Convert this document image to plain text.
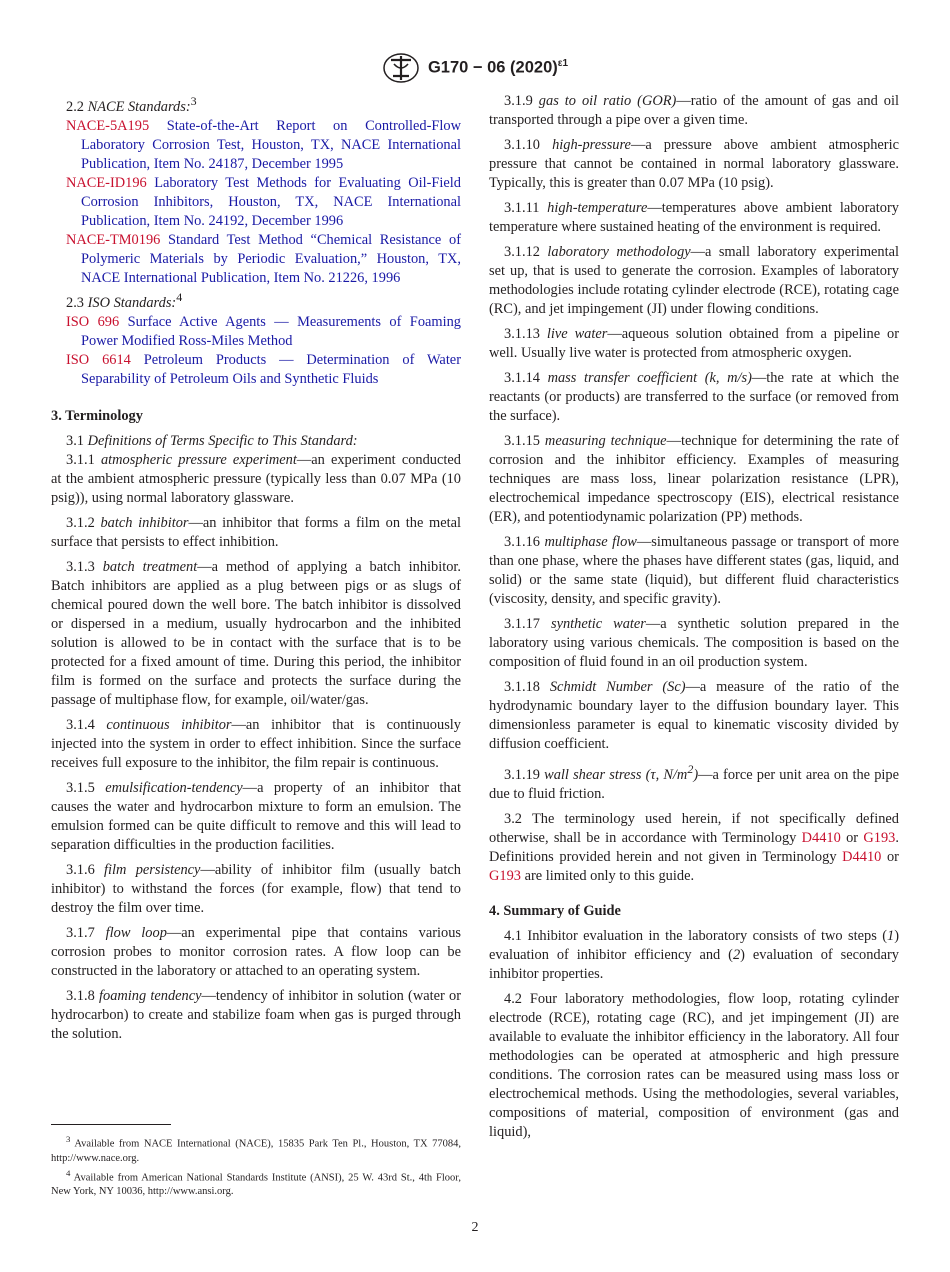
G170 − 06 $(2020)^{\varepsilon 1}$

2.2 NACE Standards:$^3$

NACE-5A195 State-of-the-Art Report on Controlled-Flow Laboratory Corrosion Test, Houston, TX, NACE International Publication, Item No. 24187, December 1995

NACE-ID196 Laboratory Test Methods for Evaluating Oil-Field Corrosion Inhibitors, Houston, TX, NACE International Publication, Item No. 24192, December 1996

NACE-TM0196 Standard Test Method “Chemical Resistance of Polymeric Materials by Periodic Evaluation,” Houston, TX, NACE International Publication, Item No. 21226, 1996

2.3 ISO Standards:$^4$

ISO 696 Surface Active Agents — Measurements of Foaming Power Modified Ross-Miles Method

ISO 6614 Petroleum Products — Determination of Water Separability of Petroleum Oils and Synthetic Fluids

3. Terminology

3.1 Definitions of Terms Specific to This Standard:

3.1.1 atmospheric pressure experiment—an experiment conducted at the ambient atmospheric pressure (typically less than 0.07 MPa (10 psig)), using normal laboratory glassware.

3.1.2 batch inhibitor—an inhibitor that forms a film on the metal surface that persists to effect inhibition.

3.1.3 batch treatment—a method of applying a batch inhibitor. Batch inhibitors are applied as a plug between pigs or as slugs of chemical poured down the well bore. The batch inhibitor is dissolved or dispersed in a medium, usually hydrocarbon and the inhibited solution is allowed to be in contact with the surface that is to be protected for a fixed amount of time. During this period, the inhibitor film is formed on the surface and protects the surface during the passage of multiphase flow, for example, oil/water/gas.

3.1.4 continuous inhibitor—an inhibitor that is continuously injected into the system in order to effect inhibition. Since the surface receives full exposure to the inhibitor, the film repair is continuous.

3.1.5 emulsification-tendency—a property of an inhibitor that causes the water and hydrocarbon mixture to form an emulsion. The emulsion formed can be quite difficult to remove and this will lead to separation difficulties in the production facilities.

3.1.6 film persistency—ability of inhibitor film (usually batch inhibitor) to withstand the forces (for example, flow) that tend to destroy the film over time.

3.1.7 flow loop—an experimental pipe that contains various corrosion probes to monitor corrosion rates. A flow loop can be constructed in the laboratory or attached to an operating system.

3.1.8 foaming tendency—tendency of inhibitor in solution (water or hydrocarbon) to create and stabilize foam when gas is purged through the solution.

3.1.9 gas to oil ratio (GOR)—ratio of the amount of gas and oil transported through a pipe over a given time.

3.1.10 high-pressure—a pressure above ambient atmospheric pressure that cannot be contained in normal laboratory glassware. Typically, this is greater than 0.07 MPa (10 psig).

3.1.11 high-temperature—temperatures above ambient laboratory temperature where sustained heating of the environment is required.

3.1.12 laboratory methodology—a small laboratory experimental set up, that is used to generate the corrosion. Examples of laboratory methodologies include rotating cylinder electrode (RCE), rotating cage (RC), and jet impingement (JI) under flowing conditions.

3.1.13 live water—aqueous solution obtained from a pipeline or well. Usually live water is protected from atmospheric oxygen.

3.1.14 mass transfer coefficient (k, m/s)—the rate at which the reactants (or products) are transferred to the surface (or removed from the surface).

3.1.15 measuring technique—technique for determining the rate of corrosion and the inhibitor efficiency. Examples of measuring techniques are mass loss, linear polarization resistance (LPR), electrochemical impedance spectroscopy (EIS), electrical resistance (ER), and potentiodynamic polarization (PP) methods.

3.1.16 multiphase flow—simultaneous passage or transport of more than one phase, where the phases have different states (gas, liquid, and solid) or the same state (liquid), but different fluid characteristics (viscosity, density, and specific gravity).

3.1.17 synthetic water—a synthetic solution prepared in the laboratory using various chemicals. The composition is based on the composition of fluid found in an oil production system.

3.1.18 Schmidt Number (Sc)—a measure of the ratio of the hydrodynamic boundary layer to the diffusion boundary layer. This dimensionless parameter is equal to kinematic viscosity divided by diffusion coefficient.

3.1.19 wall shear stress (τ, $N/m^2)—a$ force per unit area on the pipe due to fluid friction.

3.2 The terminology used herein, if not specifically defined otherwise, shall be in accordance with Terminology D4410 or G193. Definitions provided herein and not given in Terminology D4410 or G193 are limited only to this guide.

4. Summary of Guide

4.1 Inhibitor evaluation in the laboratory consists of two steps (1) evaluation of inhibitor efficiency and (2) evaluation of secondary inhibitor properties.

4.2 Four laboratory methodologies, flow loop, rotating cylinder electrode (RCE), rotating cage (RC), and jet impingement (JI) are available to evaluate the inhibitor efficiency in the laboratory. All four methodologies can be operated at atmospheric and high pressure conditions. The corrosion rates can be measured using mass loss or electrochemical methods. Using the methodologies, several variables, compositions of material, composition of environment (gas and liquid),

$^3$ Available from NACE International (NACE), 15835 Park Ten Pl., Houston, TX 77084, http://www.nace.org.

$^4$ Available from American National Standards Institute (ANSI), 25 W. 43rd St., 4th Floor, New York, NY 10036, http://www.ansi.org.

2
